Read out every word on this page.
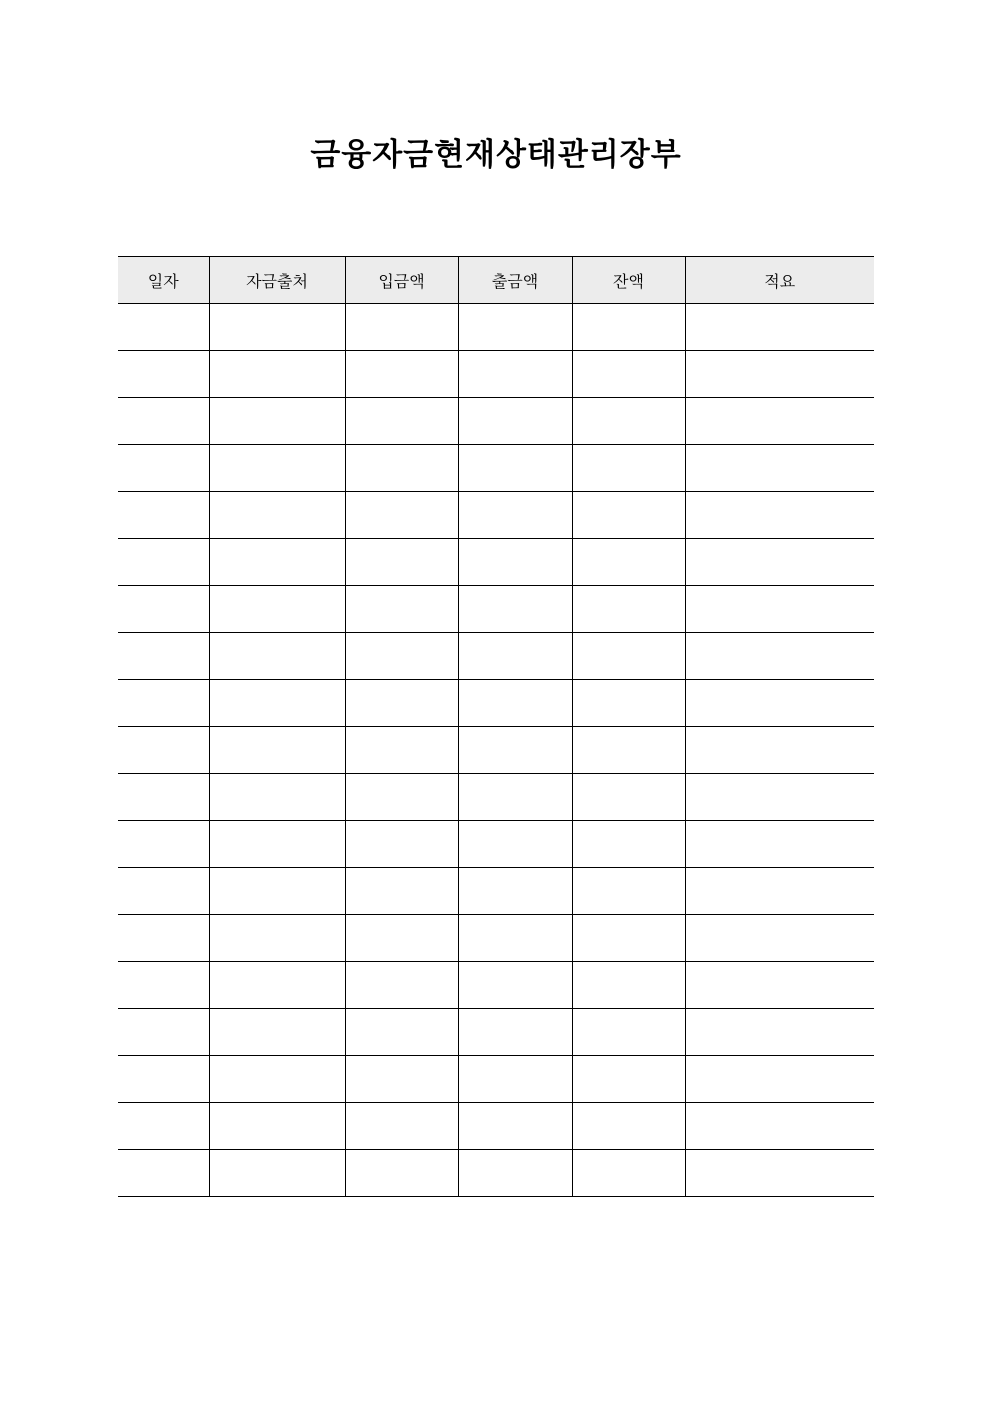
금융자금현재상태관리장부
일자	자금출처	입금액	출금액	잔액	적요
